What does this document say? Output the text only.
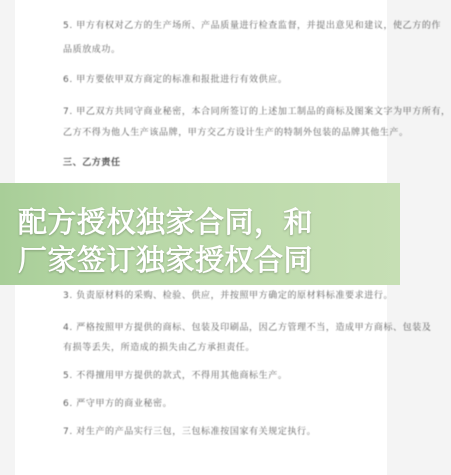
5. 甲方有权对乙方的生产场所、产品质量进行检查监督，并提出意见和建议，使乙方的作

品质放成功。

6. 甲方要依甲双方商定的标准和报批进行有效供应。

7. 甲乙双方共同守商业秘密，本合同所签订的上述加工制品的商标及图案文字为甲方所有，

乙方不得为他人生产该品牌，甲方交乙方设计生产的特制外包装的品牌其他生产。

三、乙方责任

3. 负责原材料的采购、检验、供应，并按照甲方确定的原材料标准要求进行。

4. 严格按照甲方提供的商标、包装及印刷品，因乙方管理不当，造成甲方商标、包装及

有损等丢失，所造成的损失由乙方承担责任。

5. 不得擅用甲方提供的款式，不得用其他商标生产。

6. 严守甲方的商业秘密。

7. 对生产的产品实行三包，三包标准按国家有关规定执行。

配方授权独家合同，和
厂家签订独家授权合同
